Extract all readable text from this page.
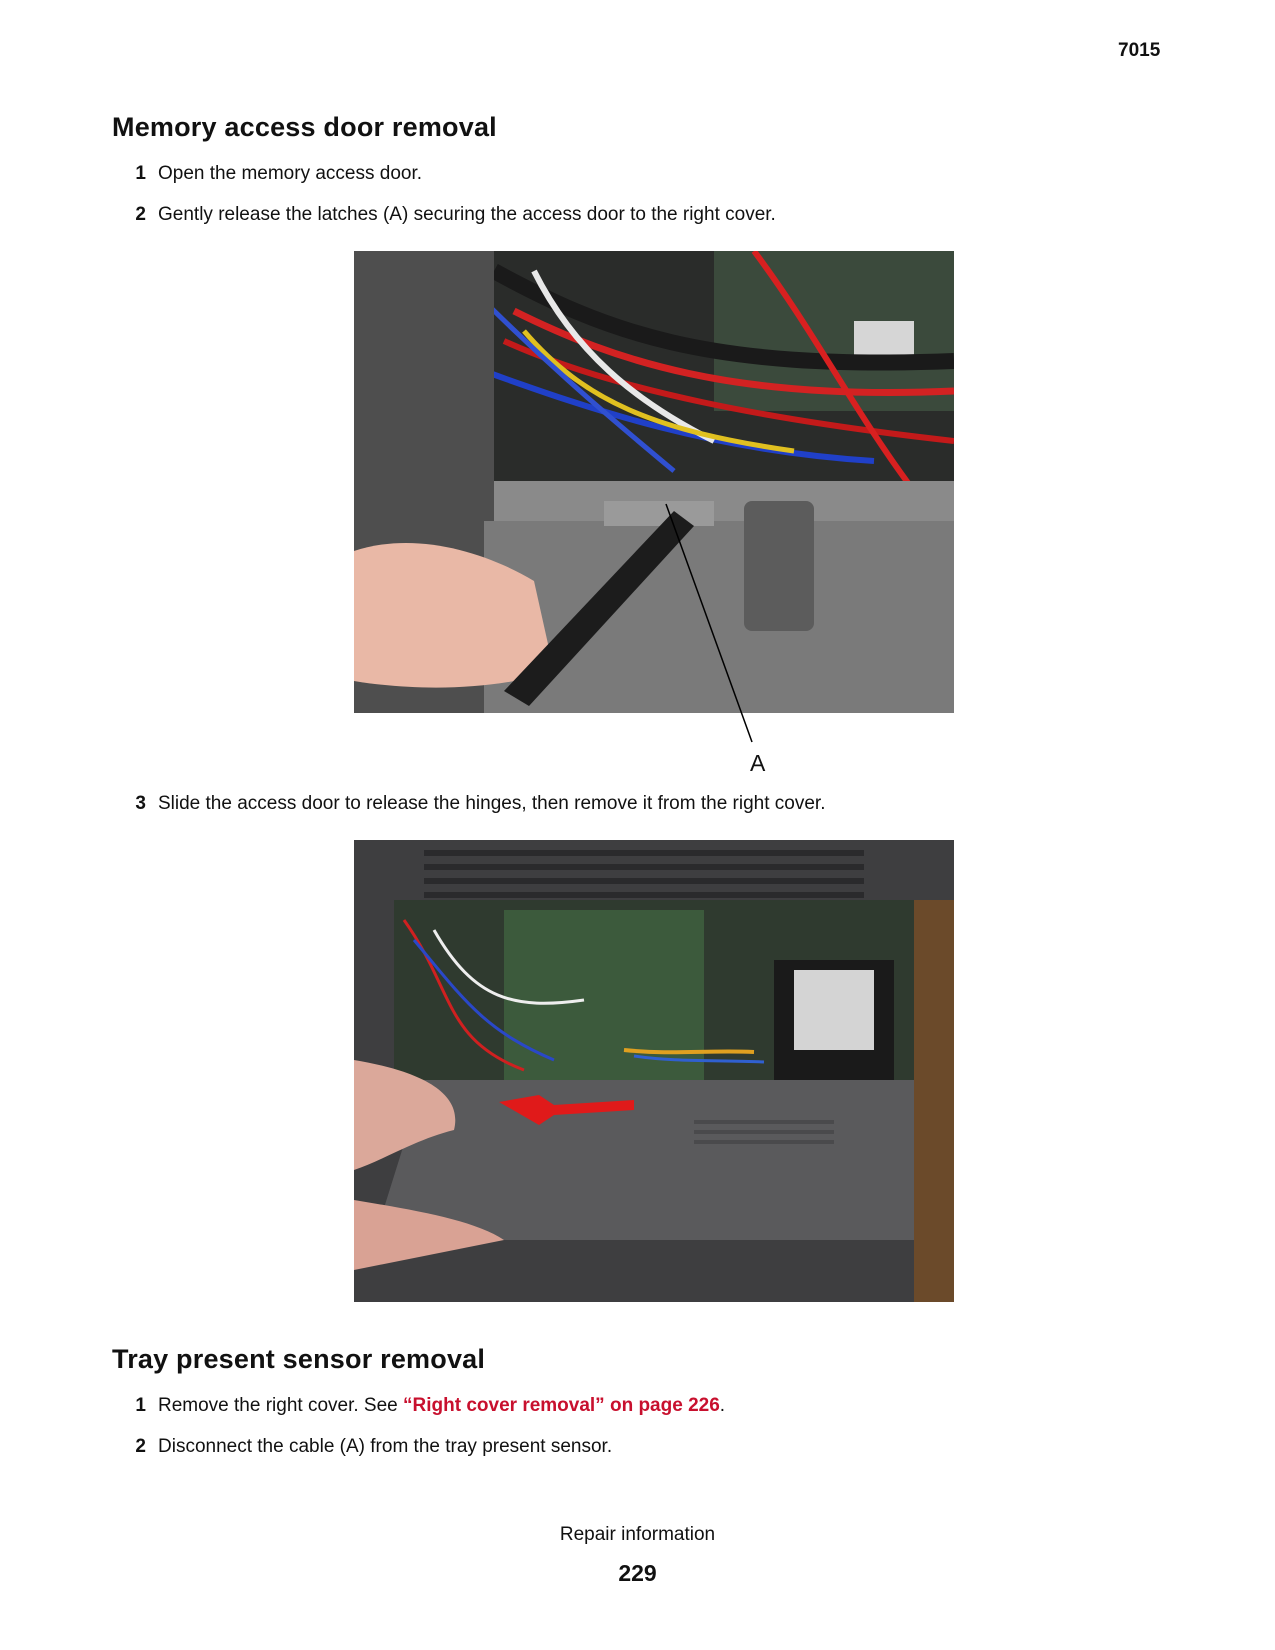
7015
Memory access door removal
1 Open the memory access door.
2 Gently release the latches (A) securing the access door to the right cover.
A
3 Slide the access door to release the hinges, then remove it from the right cover.
Tray present sensor removal
1 Remove the right cover. See “Right cover removal” on page 226.
2 Disconnect the cable (A) from the tray present sensor.
Repair information
229
